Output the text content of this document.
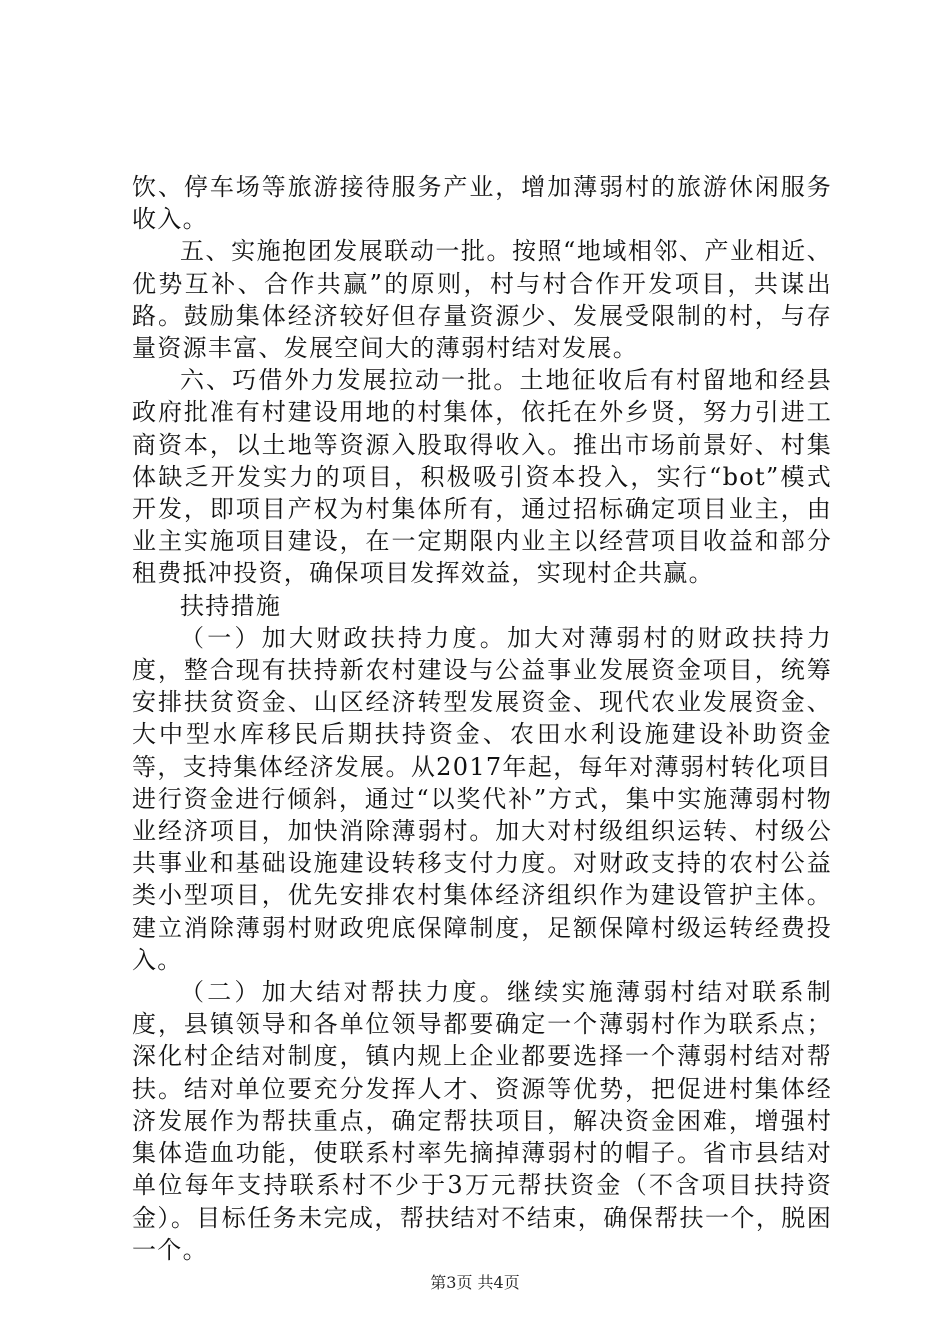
饮、停车场等旅游接待服务产业，增加薄弱村的旅游休闲服务收入。

五、实施抱团发展联动一批。按照“地域相邻、产业相近、优势互补、合作共赢”的原则，村与村合作开发项目，共谋出路。鼓励集体经济较好但存量资源少、发展受限制的村，与存量资源丰富、发展空间大的薄弱村结对发展。

六、巧借外力发展拉动一批。土地征收后有村留地和经县政府批准有村建设用地的村集体，依托在外乡贤，努力引进工商资本，以土地等资源入股取得收入。推出市场前景好、村集体缺乏开发实力的项目，积极吸引资本投入，实行“bot”模式开发，即项目产权为村集体所有，通过招标确定项目业主，由业主实施项目建设，在一定期限内业主以经营项目收益和部分租费抵冲投资，确保项目发挥效益，实现村企共赢。

扶持措施

（一）加大财政扶持力度。加大对薄弱村的财政扶持力度，整合现有扶持新农村建设与公益事业发展资金项目，统筹安排扶贫资金、山区经济转型发展资金、现代农业发展资金、大中型水库移民后期扶持资金、农田水利设施建设补助资金等，支持集体经济发展。从2017年起，每年对薄弱村转化项目进行资金进行倾斜，通过“以奖代补”方式，集中实施薄弱村物业经济项目，加快消除薄弱村。加大对村级组织运转、村级公共事业和基础设施建设转移支付力度。对财政支持的农村公益类小型项目，优先安排农村集体经济组织作为建设管护主体。建立消除薄弱村财政兜底保障制度，足额保障村级运转经费投入。

（二）加大结对帮扶力度。继续实施薄弱村结对联系制度，县镇领导和各单位领导都要确定一个薄弱村作为联系点；深化村企结对制度，镇内规上企业都要选择一个薄弱村结对帮扶。结对单位要充分发挥人才、资源等优势，把促进村集体经济发展作为帮扶重点，确定帮扶项目，解决资金困难，增强村集体造血功能，使联系村率先摘掉薄弱村的帽子。省市县结对单位每年支持联系村不少于3万元帮扶资金（不含项目扶持资金）。目标任务未完成，帮扶结对不结束，确保帮扶一个，脱困一个。

第3页 共4页
